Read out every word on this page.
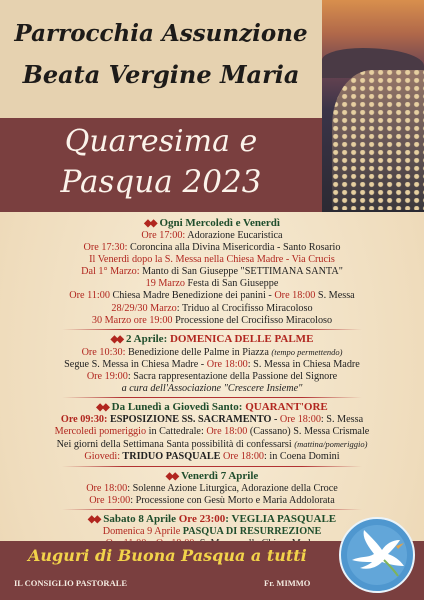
Parrocchia Assunzione
Beata Vergine Maria
Quaresima e
Pasqua 2023
◆◆ Ogni Mercoledì e Venerdì
Ore 17:00: Adorazione Eucaristica
Ore 17:30: Coroncina alla Divina Misericordia - Santo Rosario
Il Venerdì dopo la S. Messa nella Chiesa Madre - Via Crucis
Dal 1° Marzo: Manto di San Giuseppe "SETTIMANA SANTA"
19 Marzo Festa di San Giuseppe
Ore 11:00 Chiesa Madre Benedizione dei panini - Ore 18:00 S. Messa
28/29/30 Marzo: Triduo al Crocifisso Miracoloso
30 Marzo ore 19:00 Processione del Crocifisso Miracoloso
◆◆ 2 Aprile: DOMENICA DELLE PALME
Ore 10:30: Benedizione delle Palme in Piazza (tempo permettendo)
Segue S. Messa in Chiesa Madre - Ore 18:00: S. Messa in Chiesa Madre
Ore 19:00: Sacra rappresentazione della Passione del Signore
a cura dell'Associazione "Crescere Insieme"
◆◆ Da Lunedì a Giovedì Santo: QUARANT'ORE
Ore 09:30: ESPOSIZIONE SS. SACRAMENTO - Ore 18:00: S. Messa
Mercoledì pomeriggio in Cattedrale: Ore 18:00 (Cassano) S. Messa Crismale
Nei giorni della Settimana Santa possibilità di confessarsi (mattina/pomeriggio)
Giovedì: TRIDUO PASQUALE Ore 18:00: in Coena Domini
◆◆ Venerdì 7 Aprile
Ore 18:00: Solenne Azione Liturgica, Adorazione della Croce
Ore 19:00: Processione con Gesù Morto e Maria Addolorata
◆◆ Sabato 8 Aprile Ore 23:00: VEGLIA PASQUALE
Domenica 9 Aprile PASQUA DI RESURREZIONE
Auguri di Buona Pasqua a tutti
IL CONSIGLIO PASTORALE	Fr. MIMMO
